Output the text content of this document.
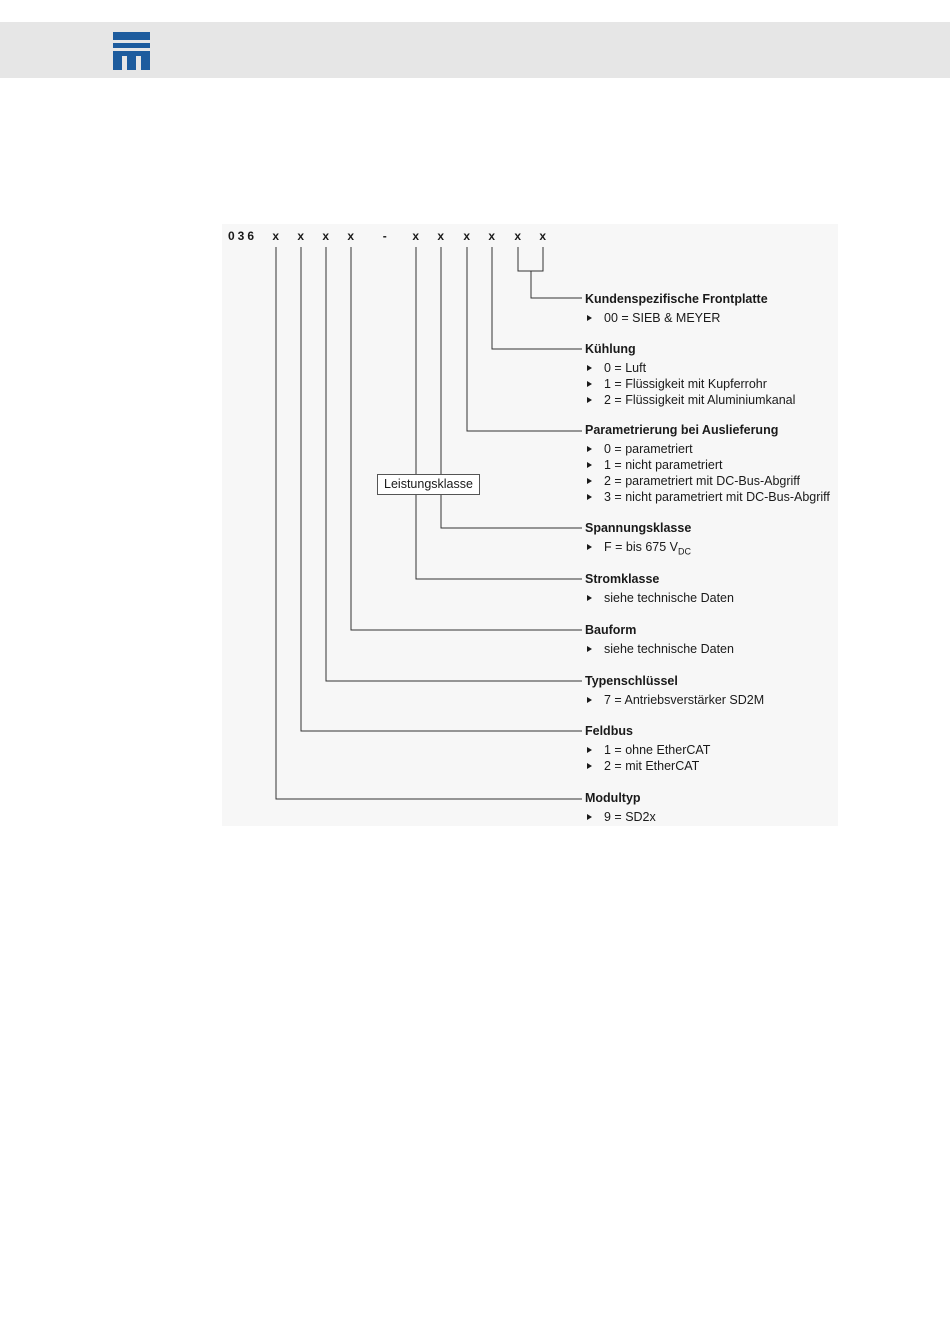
036 x x x x - x x x x x x
Leistungsklasse
Kundenspezifische Frontplatte
00 = SIEB & MEYER
Kühlung
0 = Luft
1 = Flüssigkeit mit Kupferrohr
2 = Flüssigkeit mit Aluminiumkanal
Parametrierung bei Auslieferung
0 = parametriert
1 = nicht parametriert
2 = parametriert mit DC-Bus-Abgriff
3 = nicht parametriert mit DC-Bus-Abgriff
Spannungsklasse
F = bis 675 $V_{DC}$
Stromklasse
siehe technische Daten
Bauform
siehe technische Daten
Typenschlüssel
7 = Antriebsverstärker SD2M
Feldbus
1 = ohne EtherCAT
2 = mit EtherCAT
Modultyp
9 = SD2x
